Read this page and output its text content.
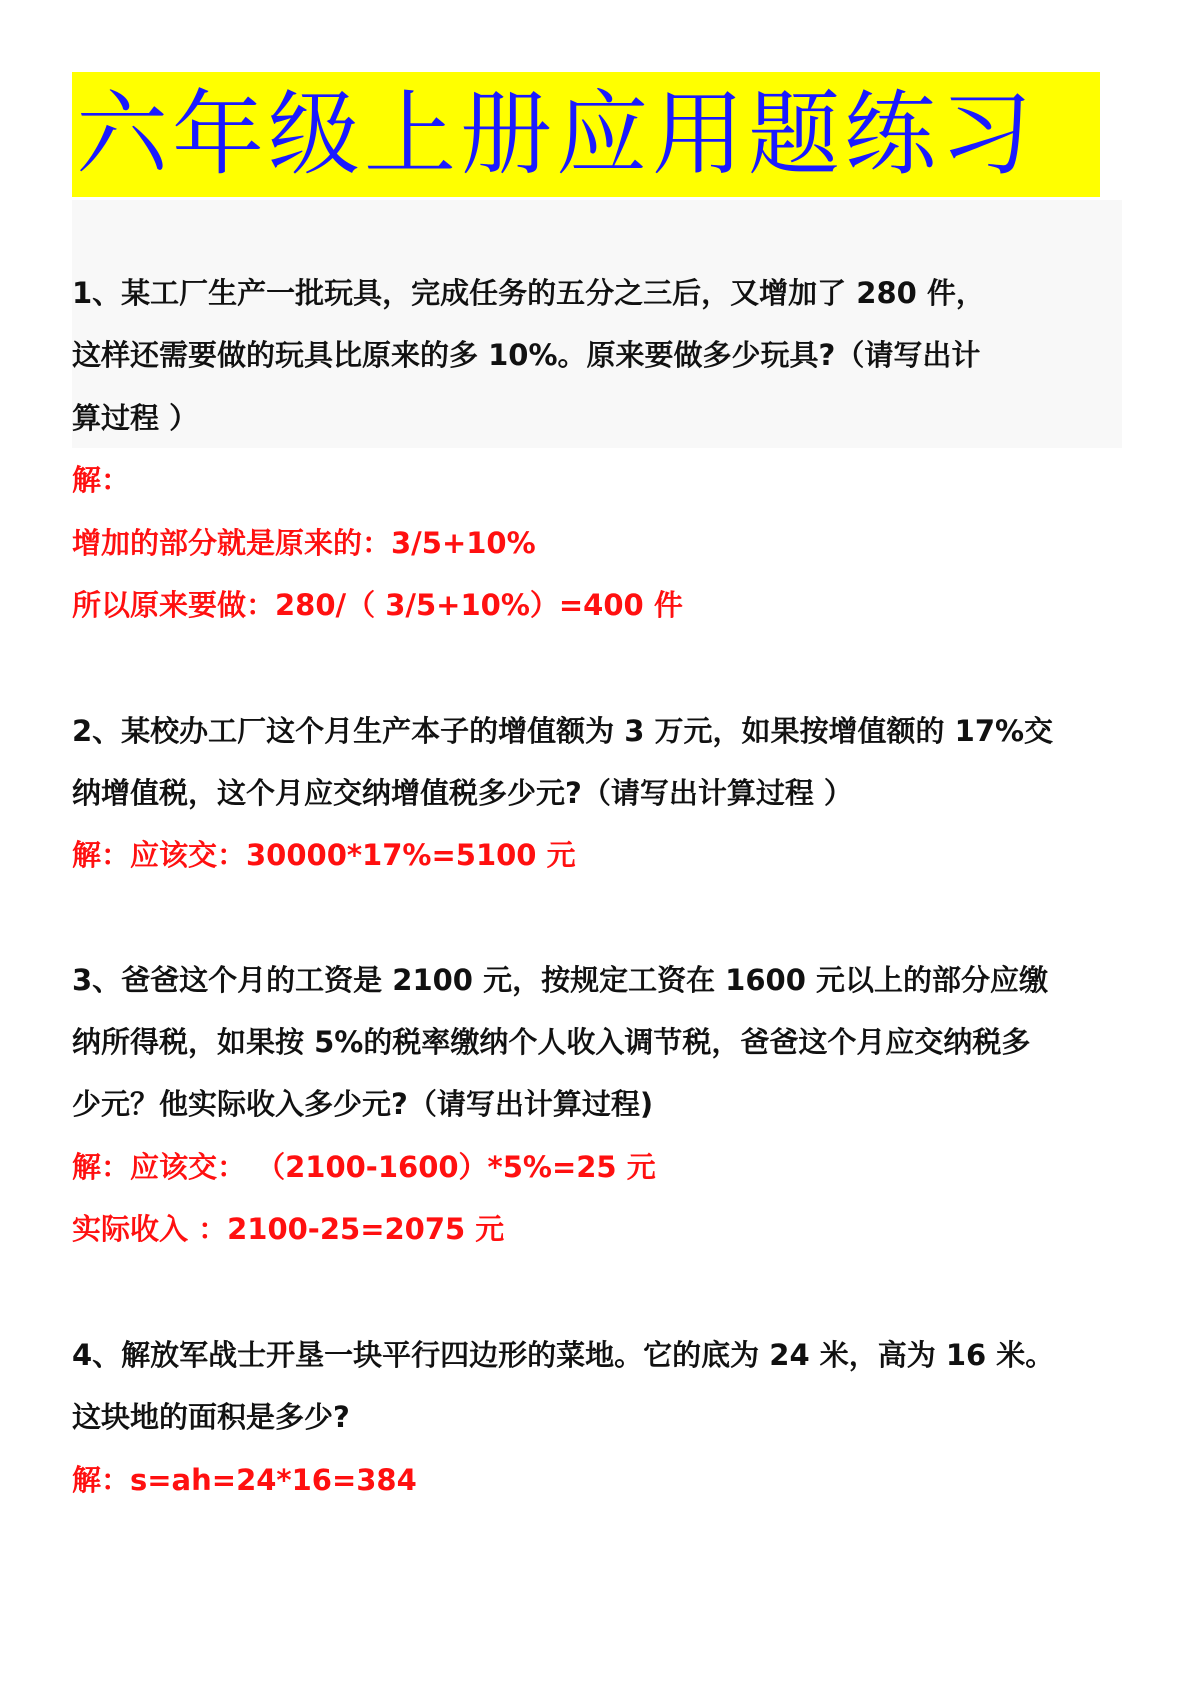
六年级上册应用题练习
1、某工厂生产一批玩具，完成任务的五分之三后，又增加了 280 件，
这样还需要做的玩具比原来的多 10%。原来要做多少玩具?（请写出计
算过程 ）
解：
增加的部分就是原来的：3/5+10%
所以原来要做：280/（ 3/5+10%）=400 件
2、某校办工厂这个月生产本子的增值额为 3 万元，如果按增值额的 17%交
纳增值税，这个月应交纳增值税多少元?（请写出计算过程 ）
解：应该交：30000*17%=5100 元
3、爸爸这个月的工资是 2100 元，按规定工资在 1600 元以上的部分应缴
纳所得税，如果按 5%的税率缴纳个人收入调节税，爸爸这个月应交纳税多
少元？他实际收入多少元?（请写出计算过程)
解：应该交： （2100-1600）*5%=25 元
实际收入 ：2100-25=2075 元
4、解放军战士开垦一块平行四边形的菜地。它的底为 24 米，高为 16 米。
这块地的面积是多少?
解：s=ah=24*16=384
